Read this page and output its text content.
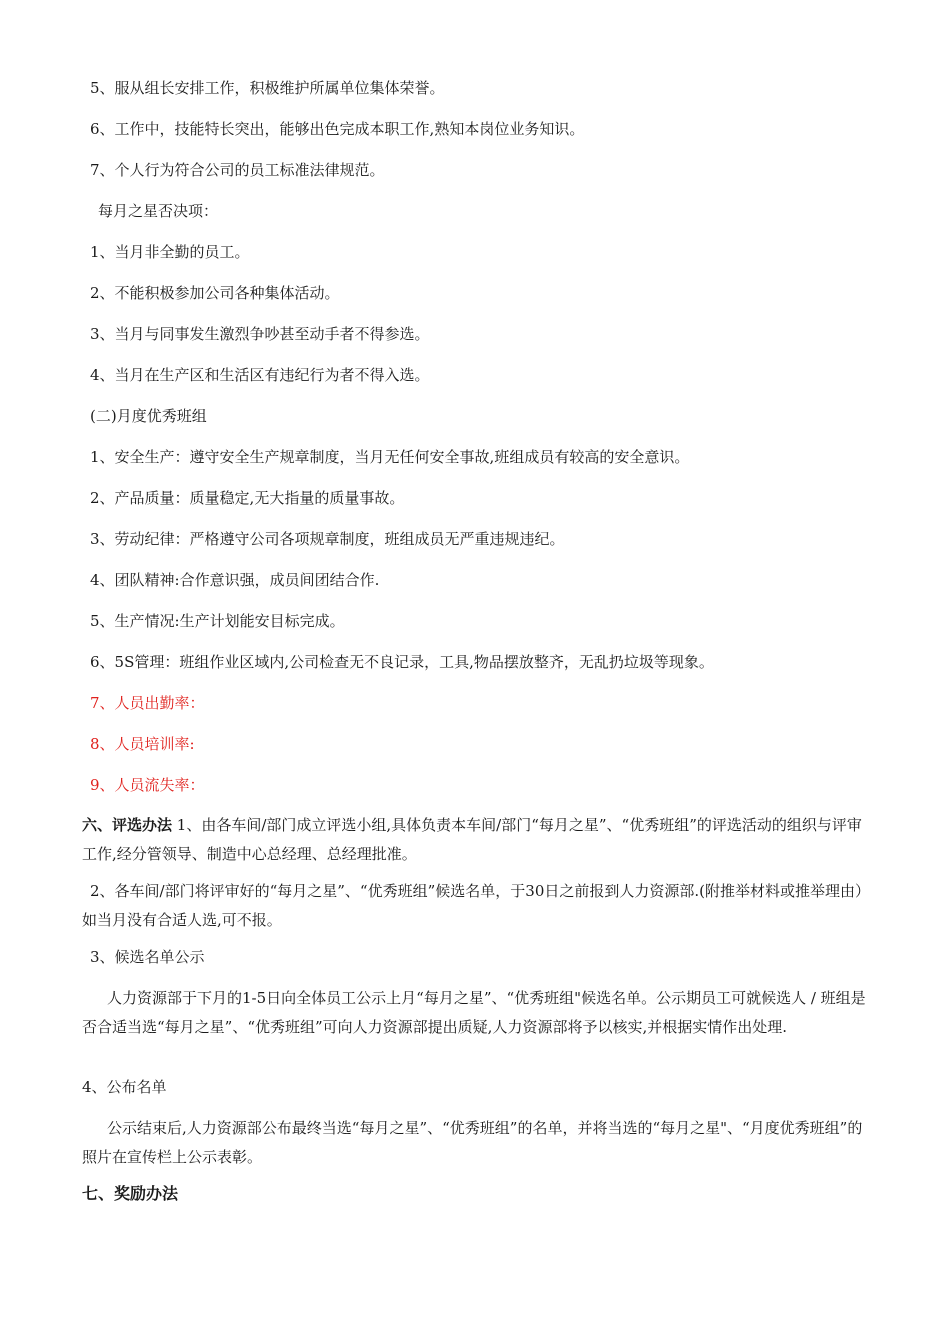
5、服从组长安排工作，积极维护所属单位集体荣誉。
6、工作中，技能特长突出，能够出色完成本职工作,熟知本岗位业务知识。
7、个人行为符合公司的员工标准法律规范。
每月之星否决项：
1、当月非全勤的员工。
2、不能积极参加公司各种集体活动。
3、当月与同事发生激烈争吵甚至动手者不得参选。
4、当月在生产区和生活区有违纪行为者不得入选。
(二)月度优秀班组
1、安全生产：遵守安全生产规章制度，当月无任何安全事故,班组成员有较高的安全意识。
2、产品质量：质量稳定,无大指量的质量事故。
3、劳动纪律：严格遵守公司各项规章制度，班组成员无严重违规违纪。
4、团队精神:合作意识强，成员间团结合作.
5、生产情况:生产计划能安目标完成。
6、5S管理：班组作业区域内,公司检查无不良记录，工具,物品摆放整齐，无乱扔垃圾等现象。
7、人员出勤率：
8、人员培训率:
9、人员流失率：
六、评选办法 1、由各车间/部门成立评选小组,具体负责本车间/部门“每月之星”、“优秀班组”的评选活动的组织与评审工作,经分管领导、制造中心总经理、总经理批准。
2、各车间/部门将评审好的“每月之星”、“优秀班组”候选名单，于30日之前报到人力资源部.(附推举材料或推举理由）如当月没有合适人选,可不报。
3、候选名单公示
人力资源部于下月的1-5日向全体员工公示上月“每月之星”、“优秀班组"候选名单。公示期员工可就候选人 / 班组是否合适当选“每月之星”、“优秀班组”可向人力资源部提出质疑,人力资源部将予以核实,并根据实情作出处理.
4、公布名单
公示结束后,人力资源部公布最终当选“每月之星”、“优秀班组”的名单，并将当选的“每月之星"、“月度优秀班组”的照片在宣传栏上公示表彰。
七、奖励办法
